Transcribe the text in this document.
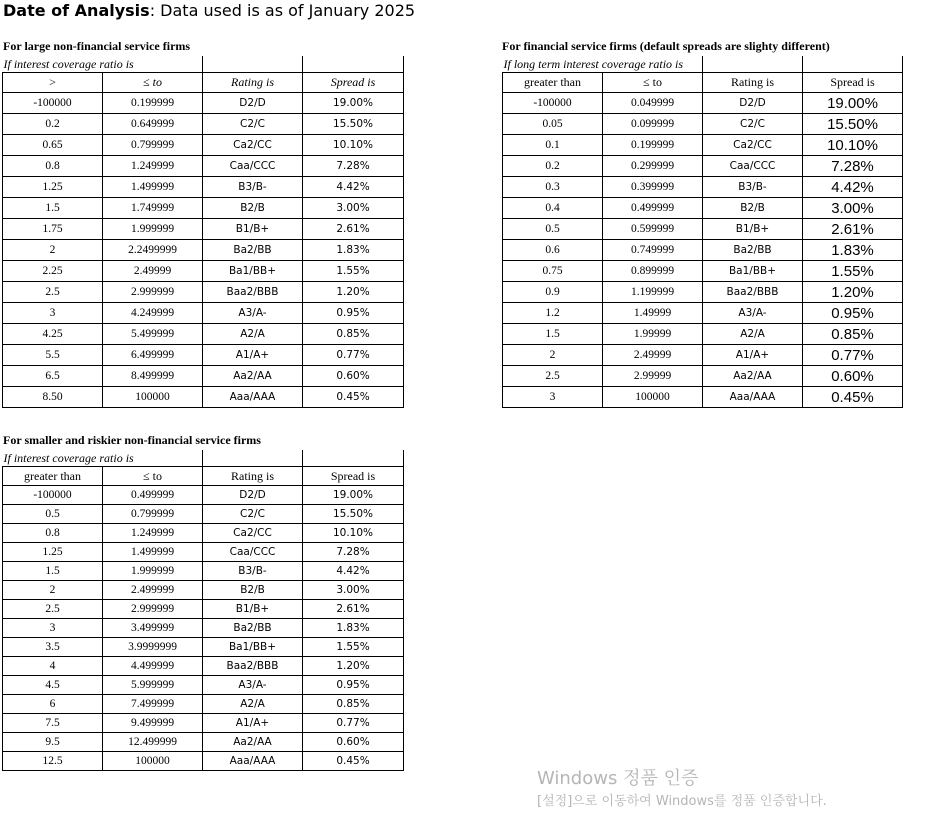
Date of Analysis: Data used is as of January 2025
For large non-financial service firms
If interest coverage ratio is			

>	≤ to	Rating is	Spread is
-100000	0.199999	D2/D	19.00%
0.2	0.649999	C2/C	15.50%
0.65	0.799999	Ca2/CC	10.10%
0.8	1.249999	Caa/CCC	7.28%
1.25	1.499999	B3/B-	4.42%
1.5	1.749999	B2/B	3.00%
1.75	1.999999	B1/B+	2.61%
2	2.2499999	Ba2/BB	1.83%
2.25	2.49999	Ba1/BB+	1.55%
2.5	2.999999	Baa2/BBB	1.20%
3	4.249999	A3/A-	0.95%
4.25	5.499999	A2/A	0.85%
5.5	6.499999	A1/A+	0.77%
6.5	8.499999	Aa2/AA	0.60%
8.50	100000	Aaa/AAA	0.45%
For financial service firms (default spreads are slighty different)
If long term interest coverage ratio is			

greater than	≤ to	Rating is	Spread is
-100000	0.049999	D2/D	19.00%
0.05	0.099999	C2/C	15.50%
0.1	0.199999	Ca2/CC	10.10%
0.2	0.299999	Caa/CCC	7.28%
0.3	0.399999	B3/B-	4.42%
0.4	0.499999	B2/B	3.00%
0.5	0.599999	B1/B+	2.61%
0.6	0.749999	Ba2/BB	1.83%
0.75	0.899999	Ba1/BB+	1.55%
0.9	1.199999	Baa2/BBB	1.20%
1.2	1.49999	A3/A-	0.95%
1.5	1.99999	A2/A	0.85%
2	2.49999	A1/A+	0.77%
2.5	2.99999	Aa2/AA	0.60%
3	100000	Aaa/AAA	0.45%
For smaller and riskier non-financial service firms
If interest coverage ratio is			

greater than	≤ to	Rating is	Spread is
-100000	0.499999	D2/D	19.00%
0.5	0.799999	C2/C	15.50%
0.8	1.249999	Ca2/CC	10.10%
1.25	1.499999	Caa/CCC	7.28%
1.5	1.999999	B3/B-	4.42%
2	2.499999	B2/B	3.00%
2.5	2.999999	B1/B+	2.61%
3	3.499999	Ba2/BB	1.83%
3.5	3.9999999	Ba1/BB+	1.55%
4	4.499999	Baa2/BBB	1.20%
4.5	5.999999	A3/A-	0.95%
6	7.499999	A2/A	0.85%
7.5	9.499999	A1/A+	0.77%
9.5	12.499999	Aa2/AA	0.60%
12.5	100000	Aaa/AAA	0.45%
Windows 정품 인증
[설정]으로 이동하여 Windows를 정품 인증합니다.
